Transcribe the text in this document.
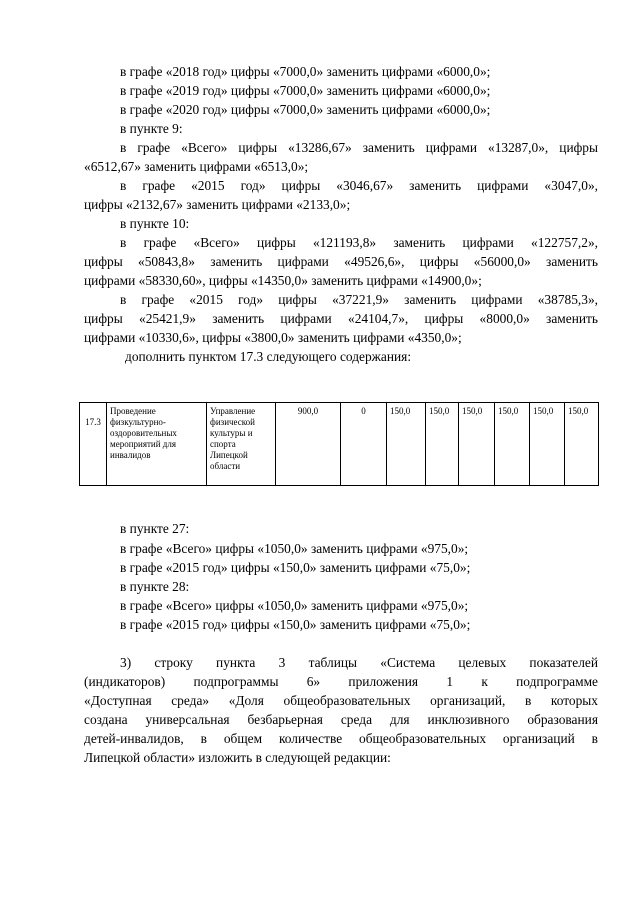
в графе «2018 год» цифры «7000,0» заменить цифрами «6000,0»;
в графе «2019 год» цифры «7000,0» заменить цифрами «6000,0»;
в графе «2020 год» цифры «7000,0» заменить цифрами «6000,0»;
в пункте 9:
в графе «Всего» цифры «13286,67» заменить цифрами «13287,0», цифры
«6512,67» заменить цифрами «6513,0»;
в графе «2015 год» цифры «3046,67» заменить цифрами «3047,0»,
цифры «2132,67» заменить цифрами «2133,0»;
в пункте 10:
в графе «Всего» цифры «121193,8» заменить цифрами «122757,2»,
цифры «50843,8» заменить цифрами «49526,6», цифры «56000,0» заменить
цифрами «58330,60», цифры «14350,0» заменить цифрами «14900,0»;
в графе «2015 год» цифры «37221,9» заменить цифрами «38785,3»,
цифры «25421,9» заменить цифрами «24104,7», цифры «8000,0» заменить
цифрами «10330,6», цифры «3800,0» заменить цифрами «4350,0»;
дополнить пунктом 17.3 следующего содержания:
17.3	Проведение физкультурно-оздоровительных мероприятий для инвалидов	Управление физической культуры и спорта Липецкой области	900,0	0	150,0	150,0	150,0	150,0	150,0	150,0
в пункте 27:
в графе «Всего» цифры «1050,0» заменить цифрами «975,0»;
в графе «2015 год» цифры «150,0» заменить цифрами «75,0»;
в пункте 28:
в графе «Всего» цифры «1050,0» заменить цифрами «975,0»;
в графе «2015 год» цифры «150,0» заменить цифрами «75,0»;
3) строку пункта 3 таблицы «Система целевых показателей
(индикаторов) подпрограммы 6» приложения 1 к подпрограмме
«Доступная среда» «Доля общеобразовательных организаций, в которых
создана универсальная безбарьерная среда для инклюзивного образования
детей-инвалидов, в общем количестве общеобразовательных организаций в
Липецкой области» изложить в следующей редакции:
